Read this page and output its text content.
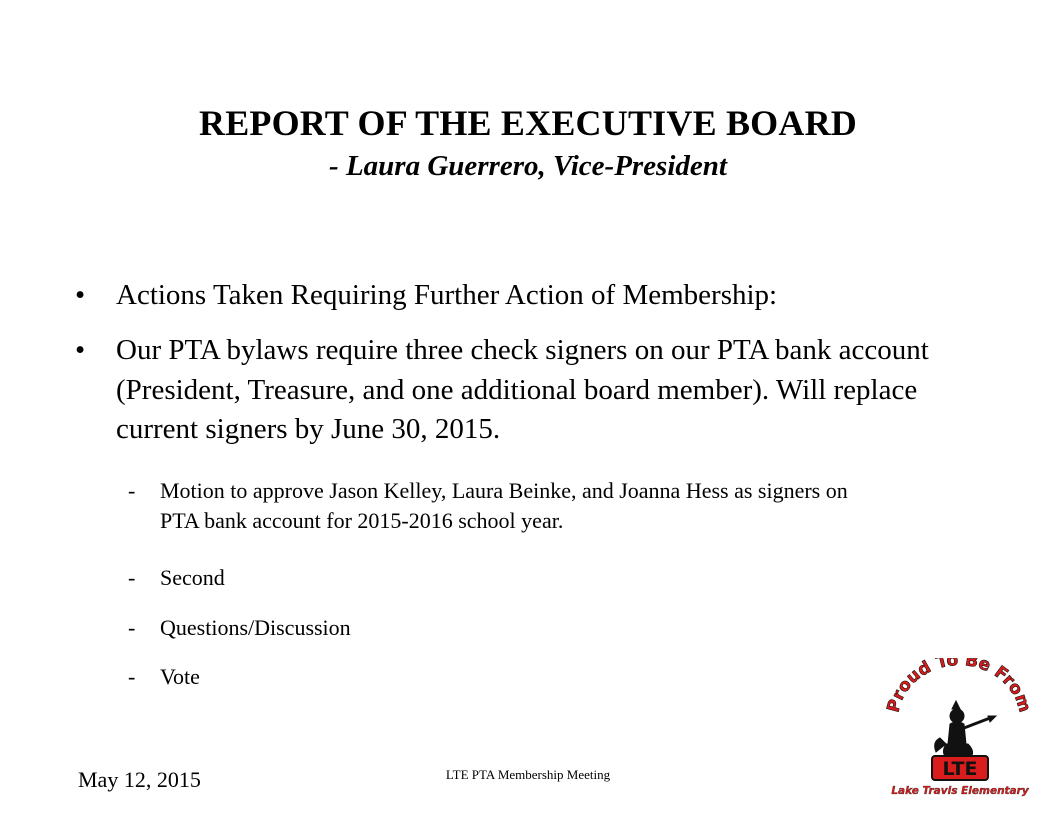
REPORT OF THE EXECUTIVE BOARD
- Laura Guerrero, Vice-President
•	Actions Taken Requiring Further Action of Membership:
•	Our PTA bylaws require three check signers on our PTA bank account (President, Treasure, and one additional board member). Will replace current signers by June 30, 2015.
-	Motion to approve Jason Kelley, Laura Beinke, and Joanna Hess as signers on PTA bank account for 2015-2016 school year.
-	Second
-	Questions/Discussion
-	Vote
May 12, 2015	LTE PTA Membership Meeting
Proud To Be From
LTE
Lake Travis Elementary
